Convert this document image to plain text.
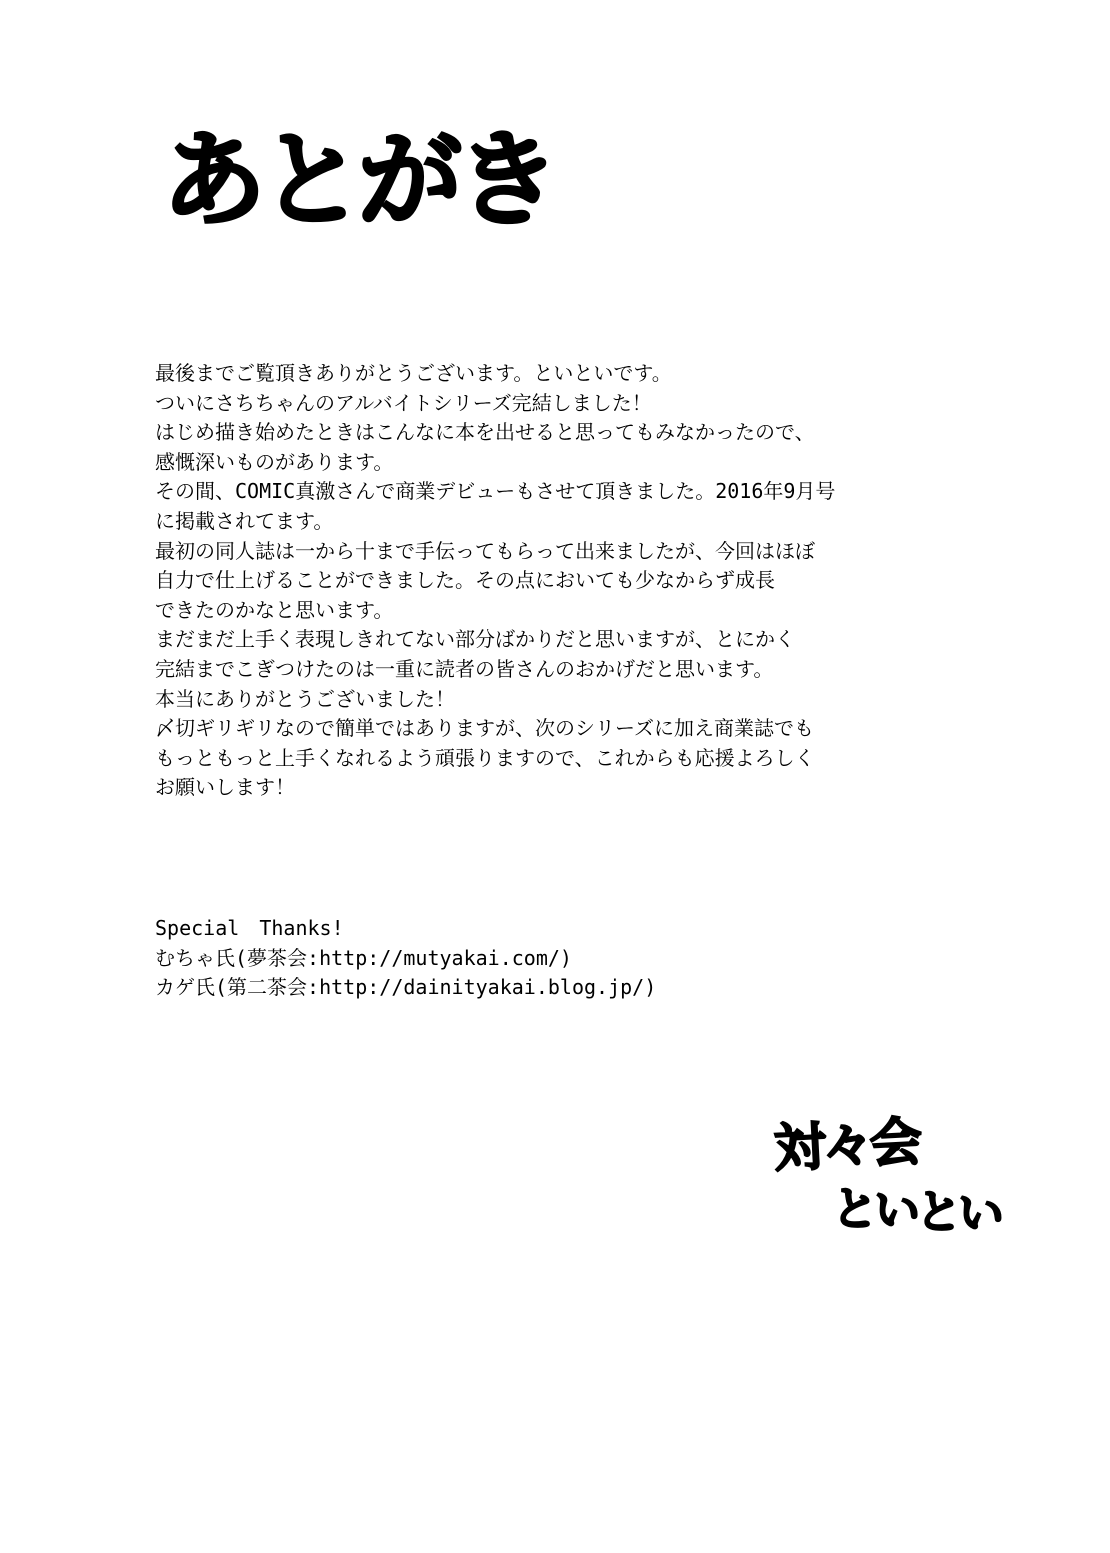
あとがき
最後までご覧頂きありがとうございます。といといです。
ついにさちちゃんのアルバイトシリーズ完結しました！
はじめ描き始めたときはこんなに本を出せると思ってもみなかったので、
感慨深いものがあります。
その間、COMIC真激さんで商業デビューもさせて頂きました。2016年9月号
に掲載されてます。
最初の同人誌は一から十まで手伝ってもらって出来ましたが、今回はほぼ
自力で仕上げることができました。その点においても少なからず成長
できたのかなと思います。
まだまだ上手く表現しきれてない部分ばかりだと思いますが、とにかく
完結までこぎつけたのは一重に読者の皆さんのおかげだと思います。
本当にありがとうございました！
〆切ギリギリなので簡単ではありますが、次のシリーズに加え商業誌でも
もっともっと上手くなれるよう頑張りますので、これからも応援よろしく
お願いします！
Special Thanks!
むちゃ氏(夢茶会:http://mutyakai.com/)
カゲ氏(第二茶会:http://dainityakai.blog.jp/)
対々会
といとい
